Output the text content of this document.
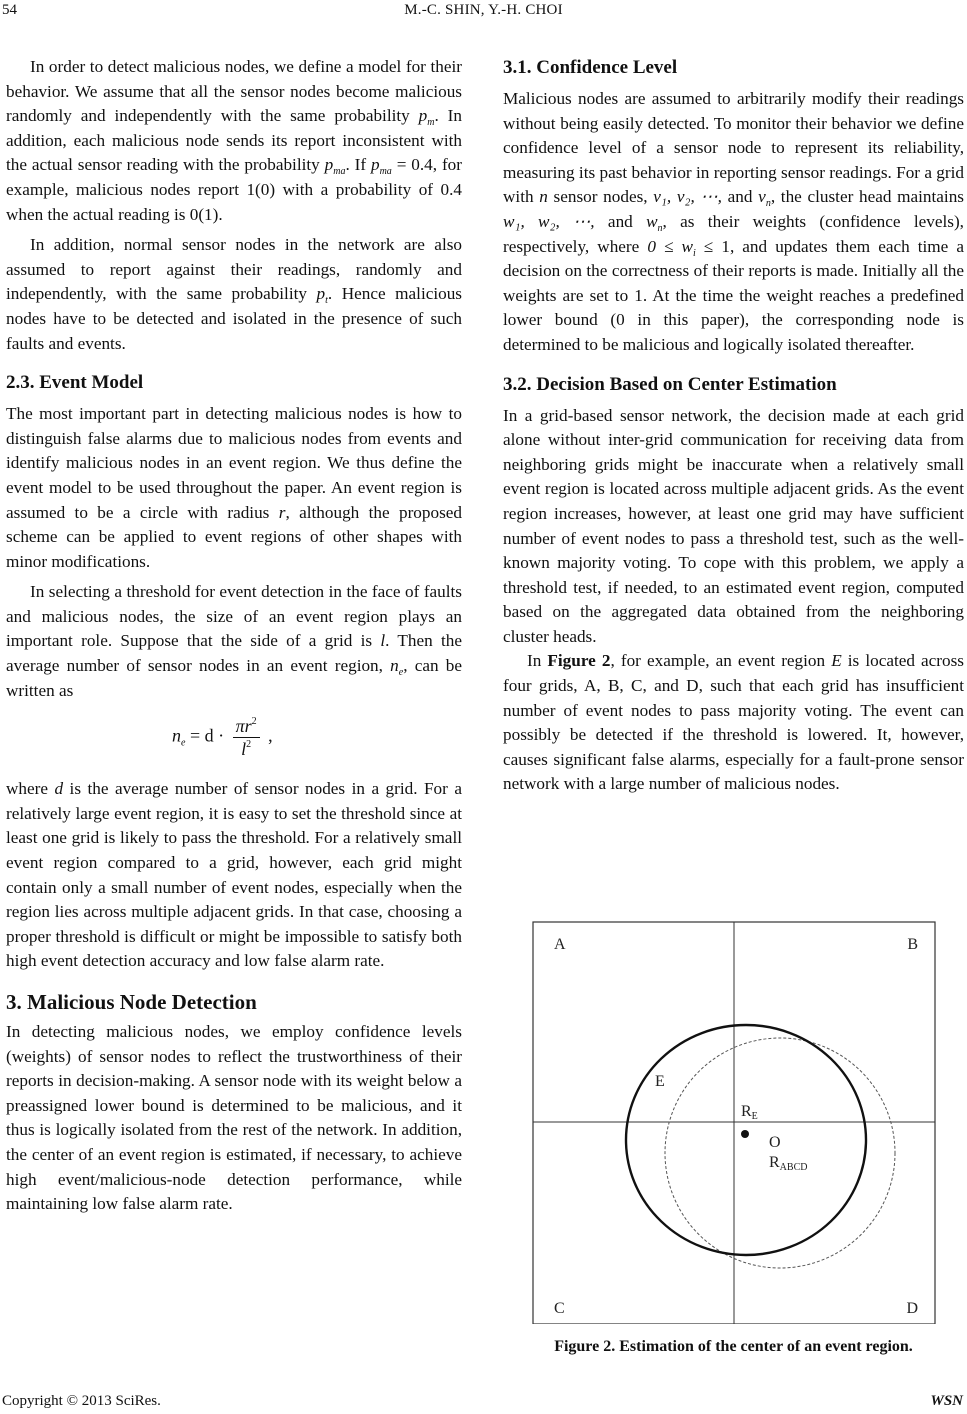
54	M.-C. SHIN, Y.-H. CHOI

In order to detect malicious nodes, we define a model for their behavior. We assume that all the sensor nodes become malicious randomly and independently with the same probability $p_m$. In addition, each malicious node sends its report inconsistent with the actual sensor reading with the probability $p_{ma}$. If $p_{ma} = 0.4$, for example, malicious nodes report 1(0) with a probability of 0.4 when the actual reading is 0(1).

In addition, normal sensor nodes in the network are also assumed to report against their readings, randomly and independently, with the same probability $p_t$. Hence malicious nodes have to be detected and isolated in the presence of such faults and events.

2.3. Event Model

The most important part in detecting malicious nodes is how to distinguish false alarms due to malicious nodes from events and identify malicious nodes in an event region. We thus define the event model to be used throughout the paper. An event region is assumed to be a circle with radius r, although the proposed scheme can be applied to event regions of other shapes with minor modifications.

In selecting a threshold for event detection in the face of faults and malicious nodes, the size of an event region plays an important role. Suppose that the side of a grid is l. Then the average number of sensor nodes in an event region, $n_e$, can be written as

$n_e = d \cdot \frac{\pi r^2}{l^2}$ ,

where d is the average number of sensor nodes in a grid. For a relatively large event region, it is easy to set the threshold since at least one grid is likely to pass the threshold. For a relatively small event region compared to a grid, however, each grid might contain only a small number of event nodes, especially when the region lies across multiple adjacent grids. In that case, choosing a proper threshold is difficult or might be impossible to satisfy both high event detection accuracy and low false alarm rate.

3. Malicious Node Detection

In detecting malicious nodes, we employ confidence levels (weights) of sensor nodes to reflect the trustworthiness of their reports in decision-making. A sensor node with its weight below a preassigned lower bound is determined to be malicious, and it thus is logically isolated from the rest of the network. In addition, the center of an event region is estimated, if necessary, to achieve high event/malicious-node detection performance, while maintaining low false alarm rate.

3.1. Confidence Level

Malicious nodes are assumed to arbitrarily modify their readings without being easily detected. To monitor their behavior we define confidence level of a sensor node to represent its reliability, measuring its past behavior in reporting sensor readings. For a grid with n sensor nodes, v₁, v₂, ⋯, and $v_n$, the cluster head maintains w₁, w₂, ⋯, and $w_n$, as their weights (confidence levels), respectively, where $0 \le w_i \le 1$, and updates them each time a decision on the correctness of their reports is made. Initially all the weights are set to 1. At the time the weight reaches a predefined lower bound (0 in this paper), the corresponding node is determined to be malicious and logically isolated thereafter.

3.2. Decision Based on Center Estimation

In a grid-based sensor network, the decision made at each grid alone without inter-grid communication for receiving data from neighboring grids might be inaccurate when a relatively small event region is located across multiple adjacent grids. As the event region increases, however, at least one grid may have sufficient number of event nodes to pass a threshold test, such as the well-known majority voting. To cope with this problem, we apply a threshold test, if needed, to an estimated event region, computed based on the aggregated data obtained from the neighboring cluster heads.

In Figure 2, for example, an event region E is located across four grids, A, B, C, and D, such that each grid has insufficient number of event nodes to pass majority voting. The event can possibly be detected if the threshold is lowered. It, however, causes significant false alarms, especially for a fault-prone sensor network with a large number of malicious nodes.

A	B
C	D
E
RE
O
RABCD
Figure 2. Estimation of the center of an event region.
Copyright © 2013 SciRes.	WSN
